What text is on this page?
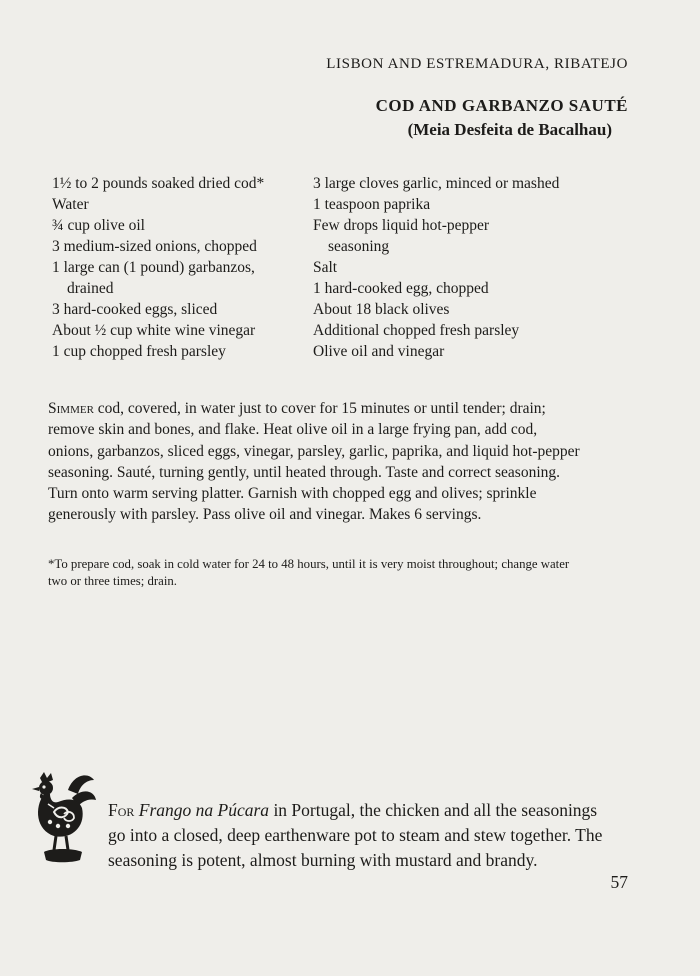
LISBON AND ESTREMADURA, RIBATEJO
COD AND GARBANZO SAUTÉ
(Meia Desfeita de Bacalhau)
1½ to 2 pounds soaked dried cod*
Water
¾ cup olive oil
3 medium-sized onions, chopped
1 large can (1 pound) garbanzos,
drained
3 hard-cooked eggs, sliced
About ½ cup white wine vinegar
1 cup chopped fresh parsley
3 large cloves garlic, minced or mashed
1 teaspoon paprika
Few drops liquid hot-pepper
seasoning
Salt
1 hard-cooked egg, chopped
About 18 black olives
Additional chopped fresh parsley
Olive oil and vinegar

Simmer cod, covered, in water just to cover for 15 minutes or until tender; drain; remove skin and bones, and flake. Heat olive oil in a large frying pan, add cod, onions, garbanzos, sliced eggs, vinegar, parsley, garlic, paprika, and liquid hot-pepper seasoning. Sauté, turning gently, until heated through. Taste and correct seasoning. Turn onto warm serving platter. Garnish with chopped egg and olives; sprinkle generously with parsley. Pass olive oil and vinegar. Makes 6 servings.

*To prepare cod, soak in cold water for 24 to 48 hours, until it is very moist throughout; change water two or three times; drain.

For Frango na Púcara in Portugal, the chicken and all the seasonings go into a closed, deep earthenware pot to steam and stew together. The seasoning is potent, almost burning with mustard and brandy.

57
